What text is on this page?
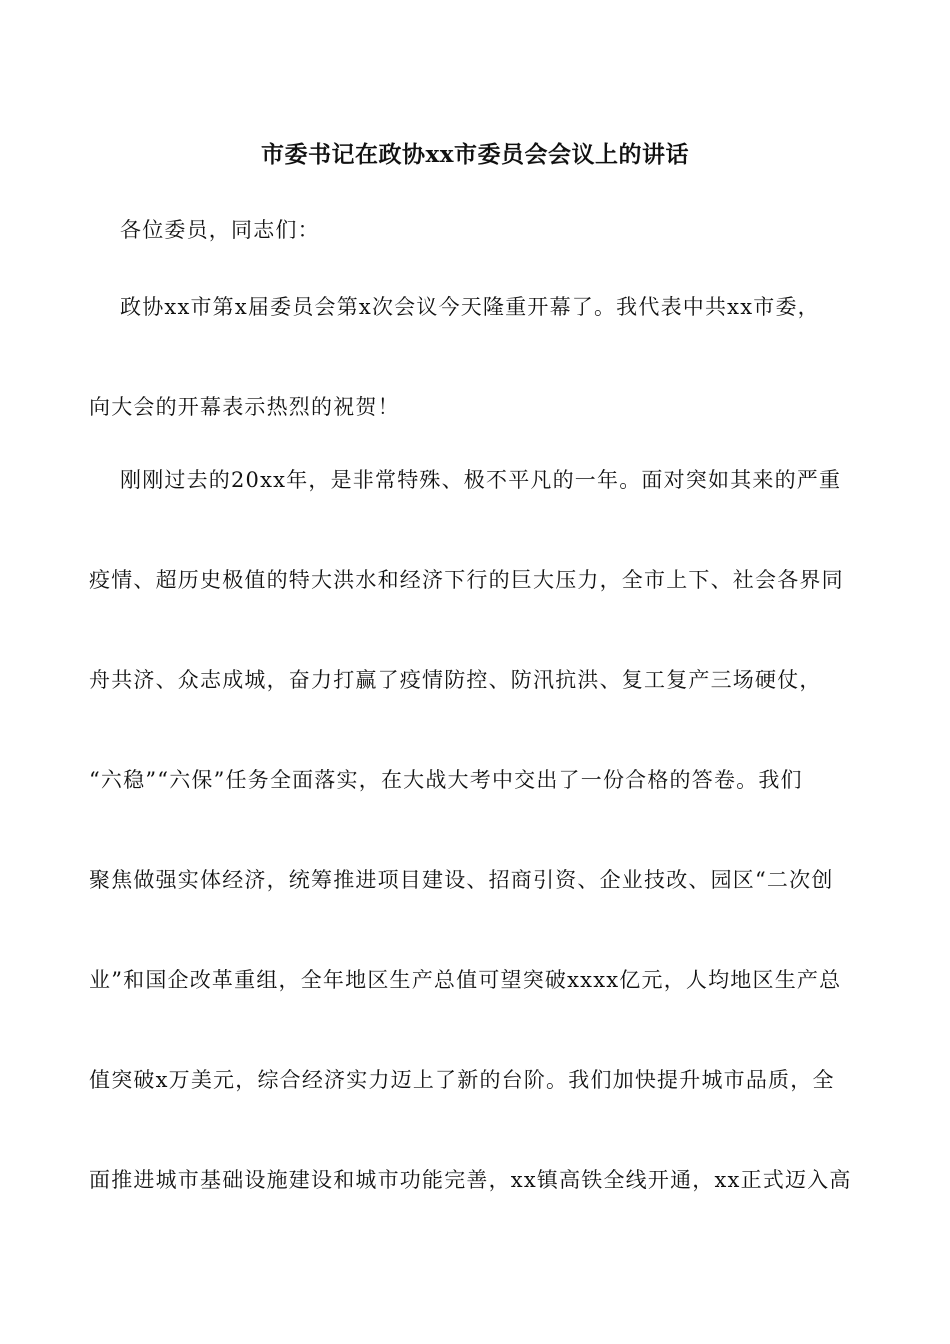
市委书记在政协xx市委员会会议上的讲话
各位委员，同志们：
政协xx市第x届委员会第x次会议今天隆重开幕了。我代表中共xx市委，
向大会的开幕表示热烈的祝贺！
刚刚过去的20xx年，是非常特殊、极不平凡的一年。面对突如其来的严重
疫情、超历史极值的特大洪水和经济下行的巨大压力，全市上下、社会各界同
舟共济、众志成城，奋力打赢了疫情防控、防汛抗洪、复工复产三场硬仗，
“六稳”“六保”任务全面落实，在大战大考中交出了一份合格的答卷。我们
聚焦做强实体经济，统筹推进项目建设、招商引资、企业技改、园区“二次创
业”和国企改革重组，全年地区生产总值可望突破xxxx亿元，人均地区生产总
值突破x万美元，综合经济实力迈上了新的台阶。我们加快提升城市品质，全
面推进城市基础设施建设和城市功能完善，xx镇高铁全线开通，xx正式迈入高
